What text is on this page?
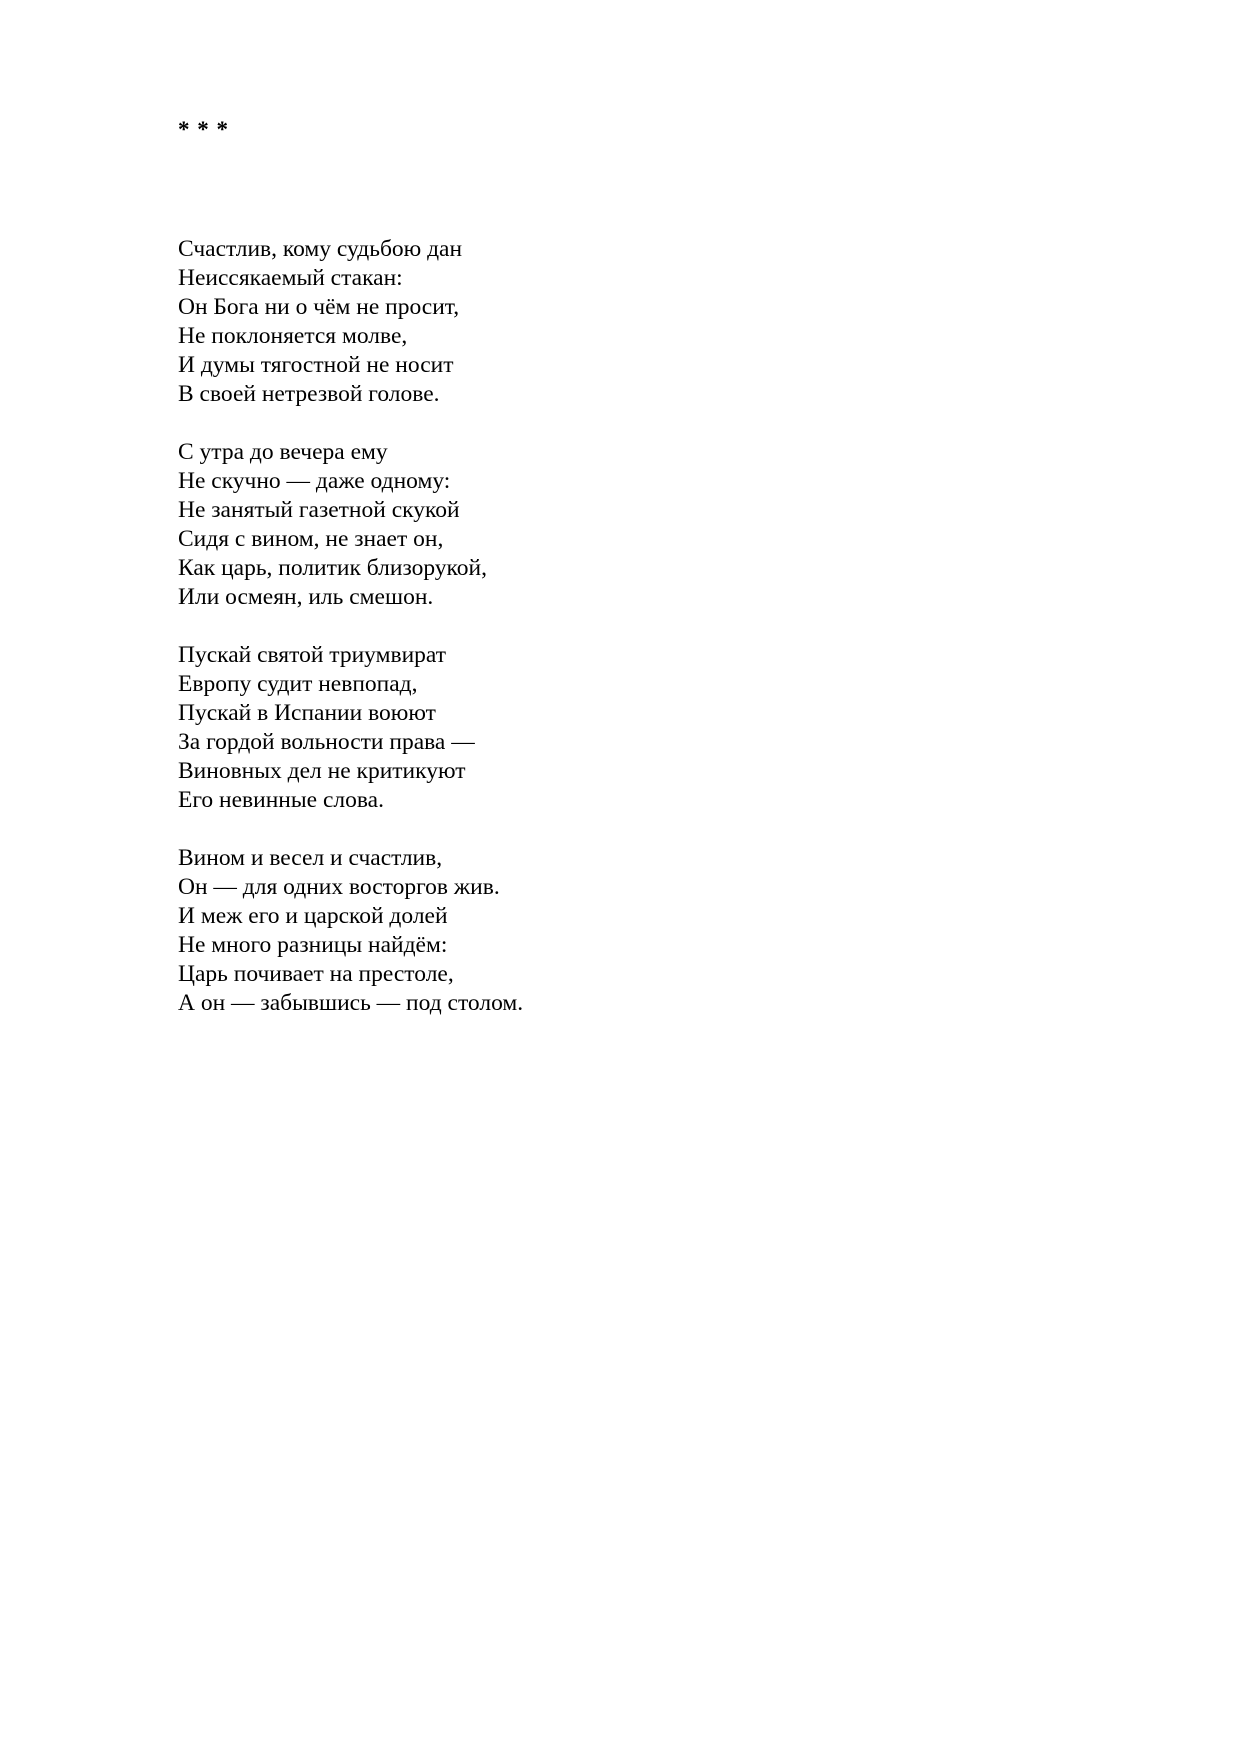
* * *

Счастлив, кому судьбою дан
Неиссякаемый стакан:
Он Бога ни о чём не просит,
Не поклоняется молве,
И думы тягостной не носит
В своей нетрезвой голове.
С утра до вечера ему
Не скучно — даже одному:
Не занятый газетной скукой
Сидя с вином, не знает он,
Как царь, политик близорукой,
Или осмеян, иль смешон.
Пускай святой триумвират
Европу судит невпопад,
Пускай в Испании воюют
За гордой вольности права —
Виновных дел не критикуют
Его невинные слова.
Вином и весел и счастлив,
Он — для одних восторгов жив.
И меж его и царской долей
Не много разницы найдём:
Царь почивает на престоле,
А он — забывшись — под столом.
